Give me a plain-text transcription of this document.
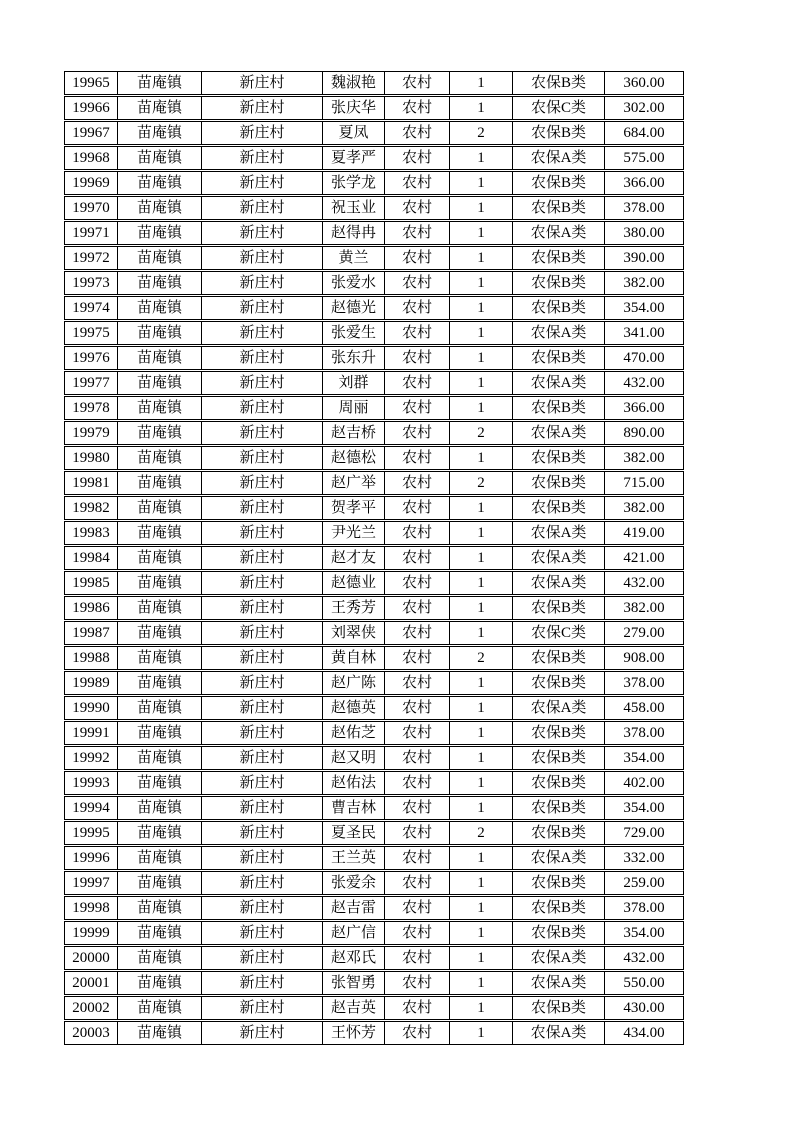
19965	苗庵镇	新庄村	魏淑艳	农村	1	农保B类	360.00
19966	苗庵镇	新庄村	张庆华	农村	1	农保C类	302.00
19967	苗庵镇	新庄村	夏凤	农村	2	农保B类	684.00
19968	苗庵镇	新庄村	夏孝严	农村	1	农保A类	575.00
19969	苗庵镇	新庄村	张学龙	农村	1	农保B类	366.00
19970	苗庵镇	新庄村	祝玉业	农村	1	农保B类	378.00
19971	苗庵镇	新庄村	赵得冉	农村	1	农保A类	380.00
19972	苗庵镇	新庄村	黄兰	农村	1	农保B类	390.00
19973	苗庵镇	新庄村	张爱水	农村	1	农保B类	382.00
19974	苗庵镇	新庄村	赵德光	农村	1	农保B类	354.00
19975	苗庵镇	新庄村	张爱生	农村	1	农保A类	341.00
19976	苗庵镇	新庄村	张东升	农村	1	农保B类	470.00
19977	苗庵镇	新庄村	刘群	农村	1	农保A类	432.00
19978	苗庵镇	新庄村	周丽	农村	1	农保B类	366.00
19979	苗庵镇	新庄村	赵吉桥	农村	2	农保A类	890.00
19980	苗庵镇	新庄村	赵德松	农村	1	农保B类	382.00
19981	苗庵镇	新庄村	赵广举	农村	2	农保B类	715.00
19982	苗庵镇	新庄村	贺孝平	农村	1	农保B类	382.00
19983	苗庵镇	新庄村	尹光兰	农村	1	农保A类	419.00
19984	苗庵镇	新庄村	赵才友	农村	1	农保A类	421.00
19985	苗庵镇	新庄村	赵德业	农村	1	农保A类	432.00
19986	苗庵镇	新庄村	王秀芳	农村	1	农保B类	382.00
19987	苗庵镇	新庄村	刘翠侠	农村	1	农保C类	279.00
19988	苗庵镇	新庄村	黄自林	农村	2	农保B类	908.00
19989	苗庵镇	新庄村	赵广陈	农村	1	农保B类	378.00
19990	苗庵镇	新庄村	赵德英	农村	1	农保A类	458.00
19991	苗庵镇	新庄村	赵佑芝	农村	1	农保B类	378.00
19992	苗庵镇	新庄村	赵又明	农村	1	农保B类	354.00
19993	苗庵镇	新庄村	赵佑法	农村	1	农保B类	402.00
19994	苗庵镇	新庄村	曹吉林	农村	1	农保B类	354.00
19995	苗庵镇	新庄村	夏圣民	农村	2	农保B类	729.00
19996	苗庵镇	新庄村	王兰英	农村	1	农保A类	332.00
19997	苗庵镇	新庄村	张爱余	农村	1	农保B类	259.00
19998	苗庵镇	新庄村	赵吉雷	农村	1	农保B类	378.00
19999	苗庵镇	新庄村	赵广信	农村	1	农保B类	354.00
20000	苗庵镇	新庄村	赵邓氏	农村	1	农保A类	432.00
20001	苗庵镇	新庄村	张智勇	农村	1	农保A类	550.00
20002	苗庵镇	新庄村	赵吉英	农村	1	农保B类	430.00
20003	苗庵镇	新庄村	王怀芳	农村	1	农保A类	434.00
